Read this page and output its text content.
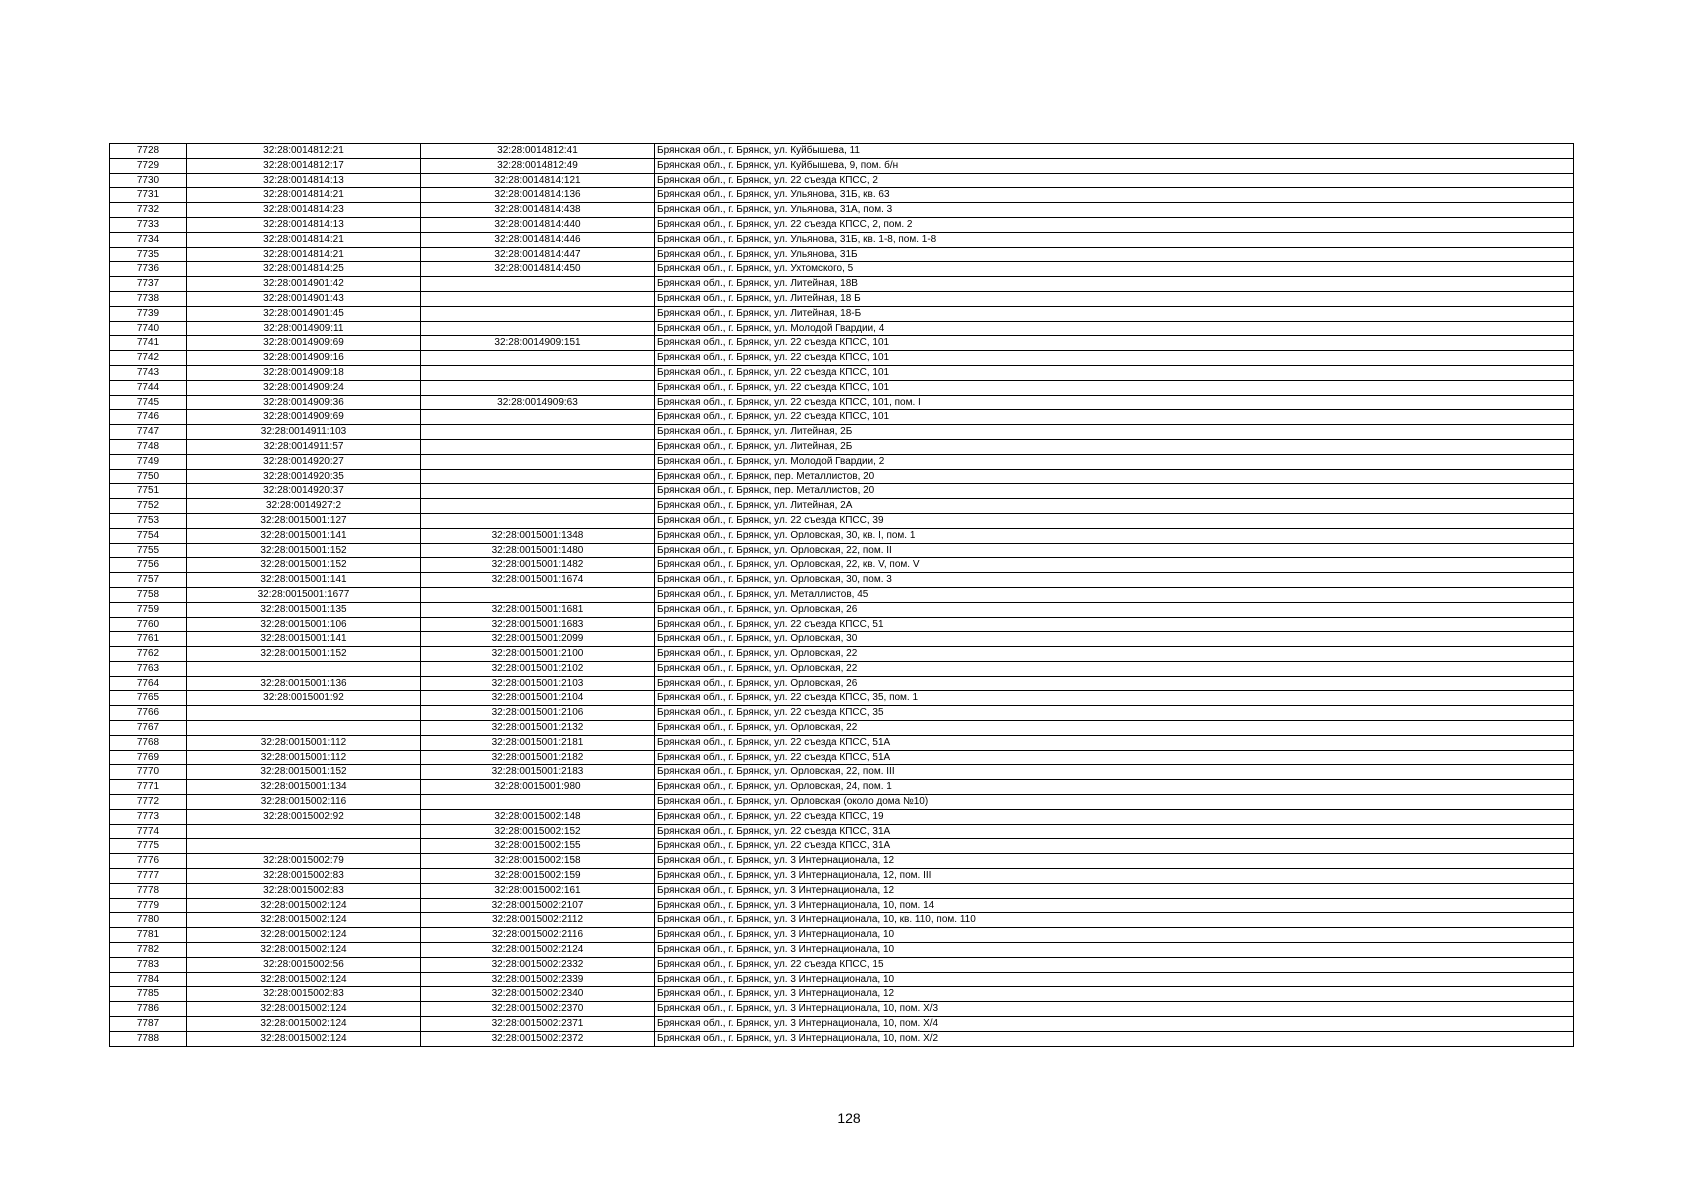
7728	32:28:0014812:21	32:28:0014812:41	Брянская обл., г. Брянск, ул. Куйбышева, 11
7729	32:28:0014812:17	32:28:0014812:49	Брянская обл., г. Брянск, ул. Куйбышева, 9, пом. б/н
7730	32:28:0014814:13	32:28:0014814:121	Брянская обл., г. Брянск, ул. 22 съезда КПСС, 2
7731	32:28:0014814:21	32:28:0014814:136	Брянская обл., г. Брянск, ул. Ульянова, 31Б, кв. 63
7732	32:28:0014814:23	32:28:0014814:438	Брянская обл., г. Брянск, ул. Ульянова, 31А, пом. 3
7733	32:28:0014814:13	32:28:0014814:440	Брянская обл., г. Брянск, ул. 22 съезда КПСС, 2, пом. 2
7734	32:28:0014814:21	32:28:0014814:446	Брянская обл., г. Брянск, ул. Ульянова, 31Б, кв. 1-8, пом. 1-8
7735	32:28:0014814:21	32:28:0014814:447	Брянская обл., г. Брянск, ул. Ульянова, 31Б
7736	32:28:0014814:25	32:28:0014814:450	Брянская обл., г. Брянск, ул. Ухтомского, 5
7737	32:28:0014901:42		Брянская обл., г. Брянск, ул. Литейная, 18В
7738	32:28:0014901:43		Брянская обл., г. Брянск, ул. Литейная, 18 Б
7739	32:28:0014901:45		Брянская обл., г. Брянск, ул. Литейная, 18-Б
7740	32:28:0014909:11		Брянская обл., г. Брянск, ул. Молодой Гвардии, 4
7741	32:28:0014909:69	32:28:0014909:151	Брянская обл., г. Брянск, ул. 22 съезда КПСС, 101
7742	32:28:0014909:16		Брянская обл., г. Брянск, ул. 22 съезда КПСС, 101
7743	32:28:0014909:18		Брянская обл., г. Брянск, ул. 22 съезда КПСС, 101
7744	32:28:0014909:24		Брянская обл., г. Брянск, ул. 22 съезда КПСС, 101
7745	32:28:0014909:36	32:28:0014909:63	Брянская обл., г. Брянск, ул. 22 съезда КПСС, 101, пом. I
7746	32:28:0014909:69		Брянская обл., г. Брянск, ул. 22 съезда КПСС, 101
7747	32:28:0014911:103		Брянская обл., г. Брянск, ул. Литейная, 2Б
7748	32:28:0014911:57		Брянская обл., г. Брянск, ул. Литейная, 2Б
7749	32:28:0014920:27		Брянская обл., г. Брянск, ул. Молодой Гвардии, 2
7750	32:28:0014920:35		Брянская обл., г. Брянск, пер. Металлистов, 20
7751	32:28:0014920:37		Брянская обл., г. Брянск, пер. Металлистов, 20
7752	32:28:0014927:2		Брянская обл., г. Брянск, ул. Литейная, 2А
7753	32:28:0015001:127		Брянская обл., г. Брянск, ул. 22 съезда КПСС, 39
7754	32:28:0015001:141	32:28:0015001:1348	Брянская обл., г. Брянск, ул. Орловская, 30, кв. I, пом. 1
7755	32:28:0015001:152	32:28:0015001:1480	Брянская обл., г. Брянск, ул. Орловская, 22, пом. II
7756	32:28:0015001:152	32:28:0015001:1482	Брянская обл., г. Брянск, ул. Орловская, 22, кв. V, пом. V
7757	32:28:0015001:141	32:28:0015001:1674	Брянская обл., г. Брянск, ул. Орловская, 30, пом. 3
7758	32:28:0015001:1677		Брянская обл., г. Брянск, ул. Металлистов, 45
7759	32:28:0015001:135	32:28:0015001:1681	Брянская обл., г. Брянск, ул. Орловская, 26
7760	32:28:0015001:106	32:28:0015001:1683	Брянская обл., г. Брянск, ул. 22 съезда КПСС, 51
7761	32:28:0015001:141	32:28:0015001:2099	Брянская обл., г. Брянск, ул. Орловская, 30
7762	32:28:0015001:152	32:28:0015001:2100	Брянская обл., г. Брянск, ул. Орловская, 22
7763		32:28:0015001:2102	Брянская обл., г. Брянск, ул. Орловская, 22
7764	32:28:0015001:136	32:28:0015001:2103	Брянская обл., г. Брянск, ул. Орловская, 26
7765	32:28:0015001:92	32:28:0015001:2104	Брянская обл., г. Брянск, ул. 22 съезда КПСС, 35, пом. 1
7766		32:28:0015001:2106	Брянская обл., г. Брянск, ул. 22 съезда КПСС, 35
7767		32:28:0015001:2132	Брянская обл., г. Брянск, ул. Орловская, 22
7768	32:28:0015001:112	32:28:0015001:2181	Брянская обл., г. Брянск, ул. 22 съезда КПСС, 51А
7769	32:28:0015001:112	32:28:0015001:2182	Брянская обл., г. Брянск, ул. 22 съезда КПСС, 51А
7770	32:28:0015001:152	32:28:0015001:2183	Брянская обл., г. Брянск, ул. Орловская, 22, пом. III
7771	32:28:0015001:134	32:28:0015001:980	Брянская обл., г. Брянск, ул. Орловская, 24, пом. 1
7772	32:28:0015002:116		Брянская обл., г. Брянск, ул. Орловская (около дома №10)
7773	32:28:0015002:92	32:28:0015002:148	Брянская обл., г. Брянск, ул. 22 съезда КПСС, 19
7774		32:28:0015002:152	Брянская обл., г. Брянск, ул. 22 съезда КПСС, 31А
7775		32:28:0015002:155	Брянская обл., г. Брянск, ул. 22 съезда КПСС, 31А
7776	32:28:0015002:79	32:28:0015002:158	Брянская обл., г. Брянск, ул. 3 Интернационала, 12
7777	32:28:0015002:83	32:28:0015002:159	Брянская обл., г. Брянск, ул. 3 Интернационала, 12, пом. III
7778	32:28:0015002:83	32:28:0015002:161	Брянская обл., г. Брянск, ул. 3 Интернационала, 12
7779	32:28:0015002:124	32:28:0015002:2107	Брянская обл., г. Брянск, ул. 3 Интернационала, 10, пом. 14
7780	32:28:0015002:124	32:28:0015002:2112	Брянская обл., г. Брянск, ул. 3 Интернационала, 10, кв. 110, пом. 110
7781	32:28:0015002:124	32:28:0015002:2116	Брянская обл., г. Брянск, ул. 3 Интернационала, 10
7782	32:28:0015002:124	32:28:0015002:2124	Брянская обл., г. Брянск, ул. 3 Интернационала, 10
7783	32:28:0015002:56	32:28:0015002:2332	Брянская обл., г. Брянск, ул. 22 съезда КПСС, 15
7784	32:28:0015002:124	32:28:0015002:2339	Брянская обл., г. Брянск, ул. 3 Интернационала, 10
7785	32:28:0015002:83	32:28:0015002:2340	Брянская обл., г. Брянск, ул. 3 Интернационала, 12
7786	32:28:0015002:124	32:28:0015002:2370	Брянская обл., г. Брянск, ул. 3 Интернационала, 10, пом. X/3
7787	32:28:0015002:124	32:28:0015002:2371	Брянская обл., г. Брянск, ул. 3 Интернационала, 10, пом. X/4
7788	32:28:0015002:124	32:28:0015002:2372	Брянская обл., г. Брянск, ул. 3 Интернационала, 10, пом. X/2
128
